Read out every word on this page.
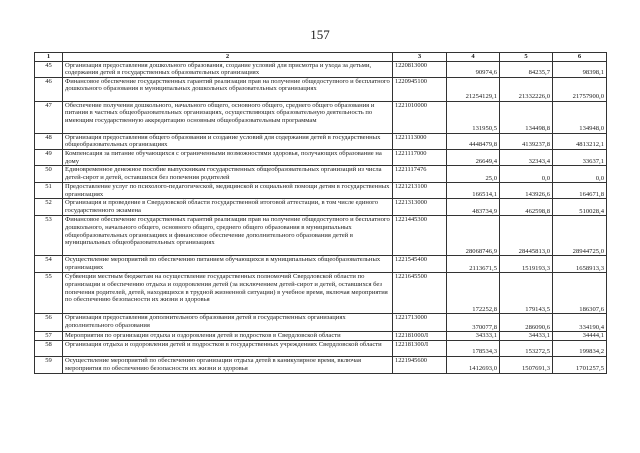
157
1	2	3	4	5	6
45	Организация предоставления дошкольного образования, создание условий для присмотра и ухода за детьми, содержания детей в государственных образовательных организациях	1220813000	90974,6	84235,7	98398,1
46	Финансовое обеспечение государственных гарантий реализации прав на получение общедоступного и бесплатного дошкольного образования в муниципальных дошкольных образовательных организациях	1220945100	21254129,1	21332226,0	21757900,0
47	Обеспечение получения дошкольного, начального общего, основного общего, среднего общего образования и питания в частных общеобразовательных организациях, осуществляющих образовательную деятельность по имеющим государственную аккредитацию основным общеобразовательным программам	1221010000	131950,5	134498,8	134948,0
48	Организация предоставления общего образования и создание условий для содержания детей в государственных общеобразовательных организациях	1221113000	4448479,8	4139237,8	4813212,1
49	Компенсация за питание обучающихся с ограниченными возможностями здоровья, получающих образование на дому	1221117000	26649,4	32343,4	33637,1
50	Единовременное денежное пособие выпускникам государственных общеобразовательных организаций из числа детей-сирот и детей, оставшихся без попечения родителей	1221117476	25,0	0,0	0,0
51	Предоставление услуг по психолого-педагогической, медицинской и социальной помощи детям в государственных организациях	1221213100	166514,1	143926,6	164671,8
52	Организация и проведение в Свердловской области государственной итоговой аттестации, в том числе единого государственного экзамена	1221313000	483734,9	462598,8	510028,4
53	Финансовое обеспечение государственных гарантий реализации прав на получение общедоступного и бесплатного дошкольного, начального общего, основного общего, среднего общего образования в муниципальных общеобразовательных организациях и финансовое обеспечение дополнительного образования детей в муниципальных общеобразовательных организациях	1221445300	28068746,9	28445813,0	28944725,0
54	Осуществление мероприятий по обеспечению питанием обучающихся в муниципальных общеобразовательных организациях	1221545400	2113671,5	1519193,3	1658913,3
55	Субвенции местным бюджетам на осуществление государственных полномочий Свердловской области по организации и обеспечению отдыха и оздоровления детей (за исключением детей-сирот и детей, оставшихся без попечения родителей, детей, находящихся в трудной жизненной ситуации) в учебное время, включая мероприятия по обеспечению безопасности их жизни и здоровья	1221645500	172252,8	179143,5	186307,6
56	Организация предоставления дополнительного образования детей в государственных организациях дополнительного образования	1221713000	370077,8	286090,6	334190,4
57	Мероприятия по организации отдыха и оздоровления детей и подростков в Свердловской области	122181000Л	34333,1	34433,1	34444,1
58	Организация отдыха и оздоровления детей и подростков в государственных учреждениях Свердловской области	122181300Л	178534,3	153272,5	199834,2
59	Осуществление мероприятий по обеспечению организации отдыха детей в каникулярное время, включая мероприятия по обеспечению безопасности их жизни и здоровья	1221945600	1412693,0	1507691,3	1701257,5
